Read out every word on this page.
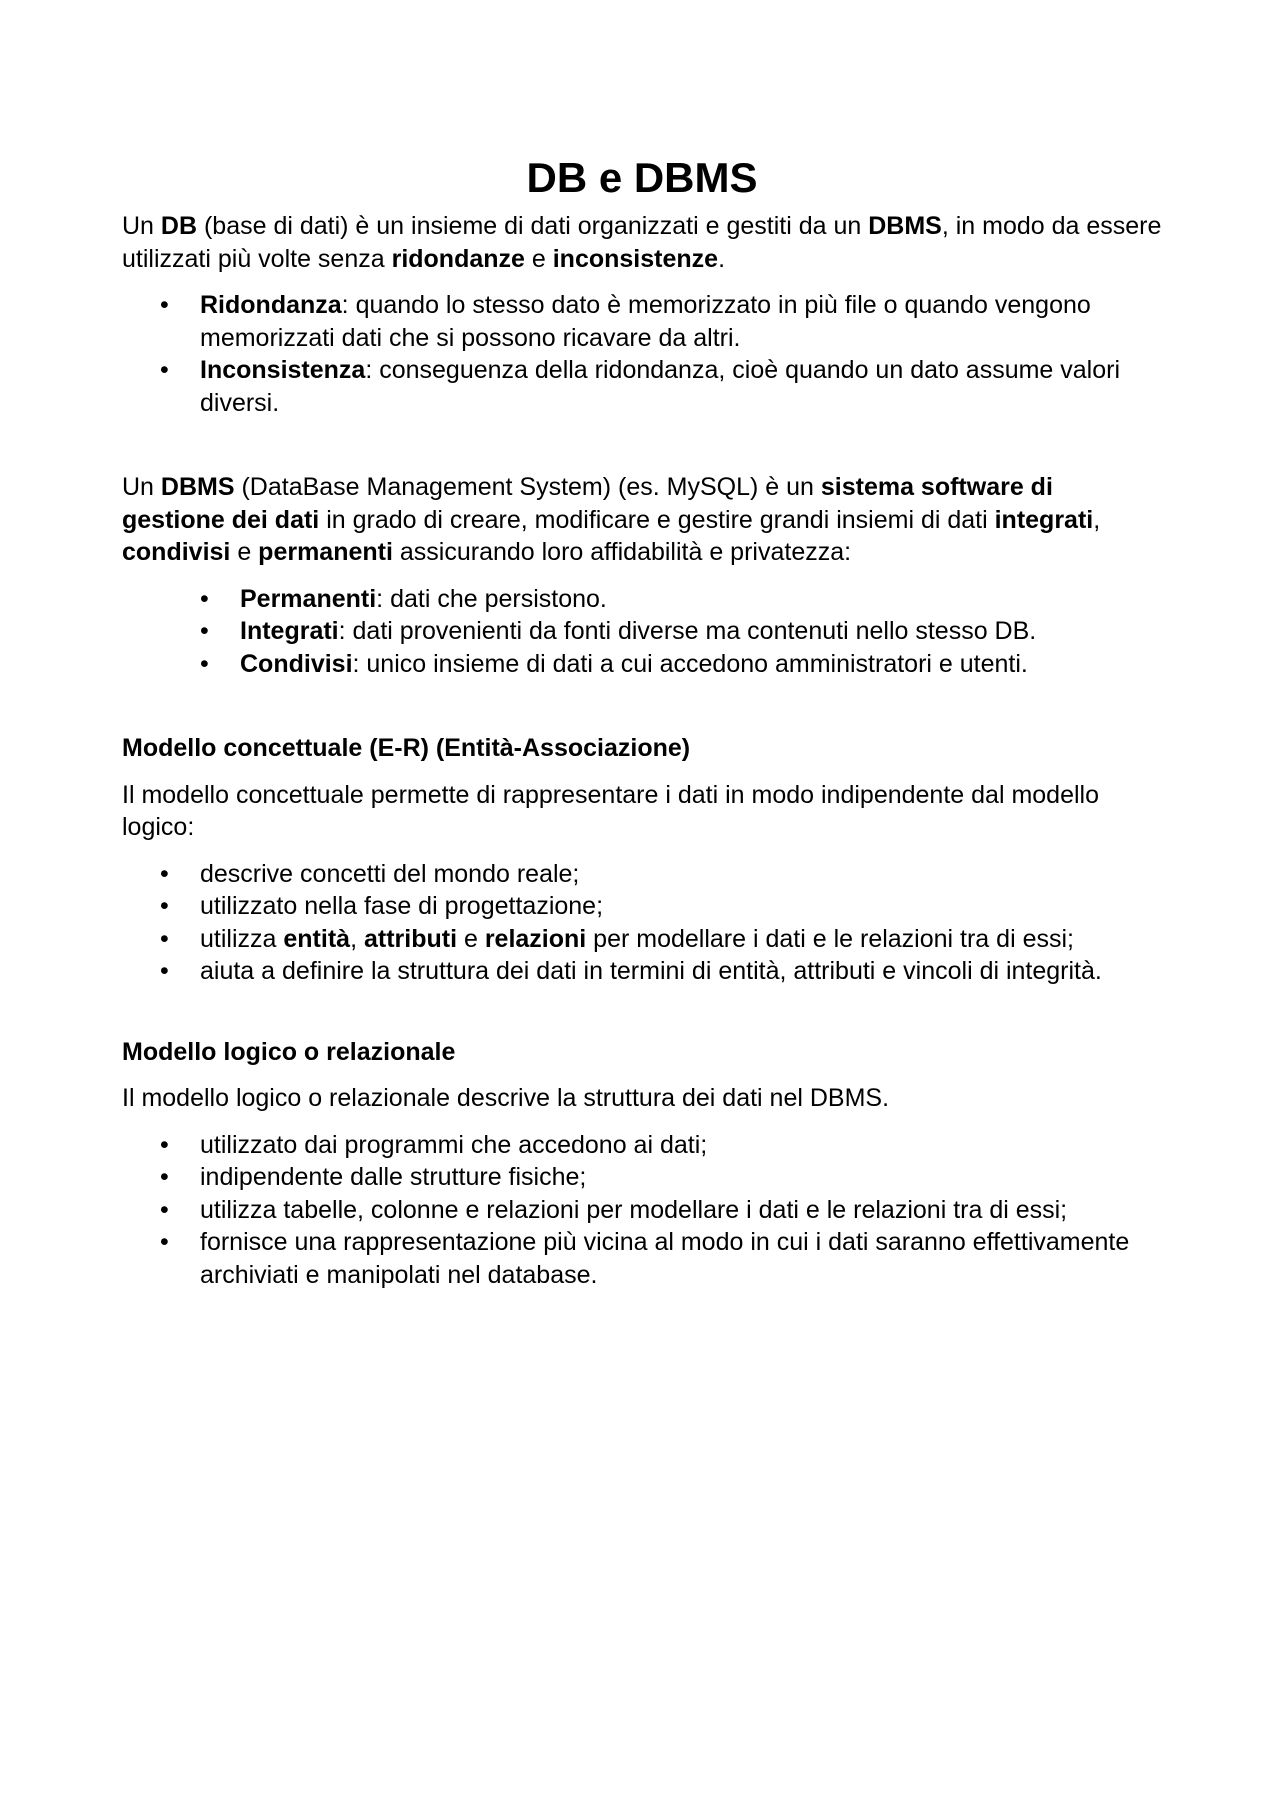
DB e DBMS

Un DB (base di dati) è un insieme di dati organizzati e gestiti da un DBMS, in modo da essere utilizzati più volte senza ridondanze e inconsistenze.

• Ridondanza: quando lo stesso dato è memorizzato in più file o quando vengono memorizzati dati che si possono ricavare da altri.
• Inconsistenza: conseguenza della ridondanza, cioè quando un dato assume valori diversi.

Un DBMS (DataBase Management System) (es. MySQL) è un sistema software di gestione dei dati in grado di creare, modificare e gestire grandi insiemi di dati integrati, condivisi e permanenti assicurando loro affidabilità e privatezza:

• Permanenti: dati che persistono.
• Integrati: dati provenienti da fonti diverse ma contenuti nello stesso DB.
• Condivisi: unico insieme di dati a cui accedono amministratori e utenti.
Modello concettuale (E-R) (Entità-Associazione)

Il modello concettuale permette di rappresentare i dati in modo indipendente dal modello logico:

• descrive concetti del mondo reale;
• utilizzato nella fase di progettazione;
• utilizza entità, attributi e relazioni per modellare i dati e le relazioni tra di essi;
• aiuta a definire la struttura dei dati in termini di entità, attributi e vincoli di integrità.
Modello logico o relazionale

Il modello logico o relazionale descrive la struttura dei dati nel DBMS.

• utilizzato dai programmi che accedono ai dati;
• indipendente dalle strutture fisiche;
• utilizza tabelle, colonne e relazioni per modellare i dati e le relazioni tra di essi;
• fornisce una rappresentazione più vicina al modo in cui i dati saranno effettivamente archiviati e manipolati nel database.
